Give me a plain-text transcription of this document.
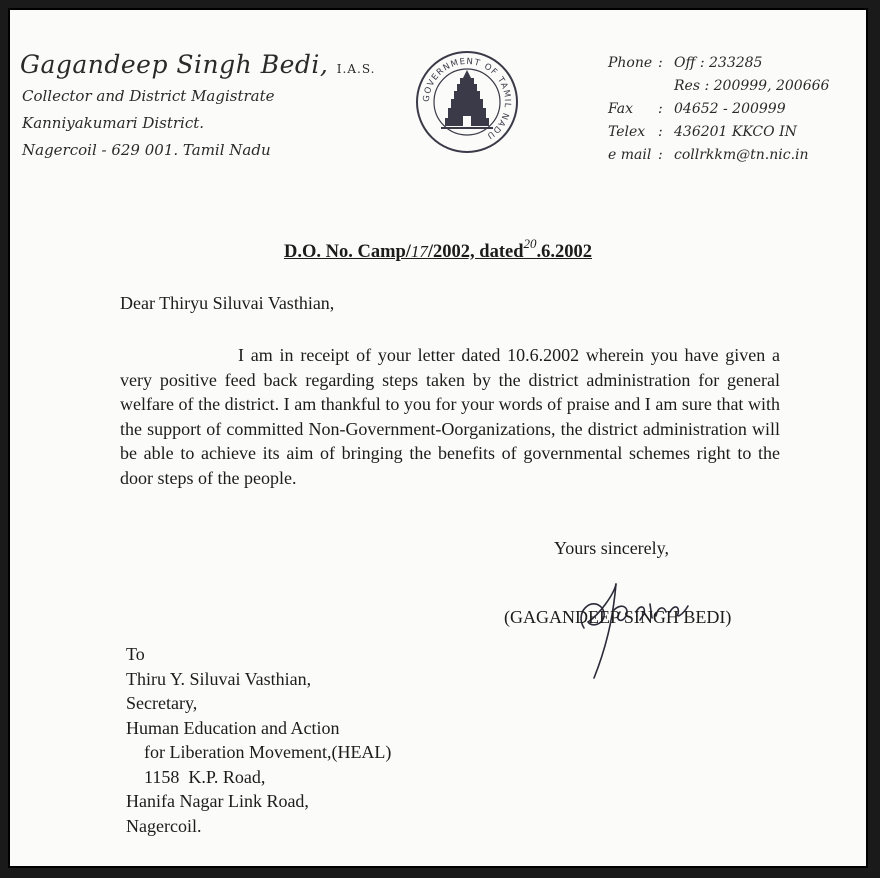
Gagandeep Singh Bedi, I.A.S.
Collector and District Magistrate
Kanniyakumari District.
Nagercoil - 629 001. Tamil Nadu
GOVERNMENT OF TAMIL NADU
Phone : Off : 233285
Res : 200999, 200666
Fax	: 04652 - 200999
Telex : 436201 KKCO IN
e mail : collrkkm@tn.nic.in
D.O. No. Camp/17/2002, dated$^{20}$.6.2002
Dear Thiryu Siluvai Vasthian,

I am in receipt of your letter dated 10.6.2002 wherein you have given a very positive feed back regarding steps taken by the district administration for general welfare of the district. I am thankful to you for your words of praise and I am sure that with the support of committed Non-Government-Oorganizations, the district administration will be able to achieve its aim of bringing the benefits of governmental schemes right to the door steps of the people.

Yours sincerely,
(GAGANDEEP SINGH BEDI)
To
Thiru Y. Siluvai Vasthian,
Secretary,
Human Education and Action
for Liberation Movement,(HEAL)
1158  K.P. Road,
Hanifa Nagar Link Road,
Nagercoil.
